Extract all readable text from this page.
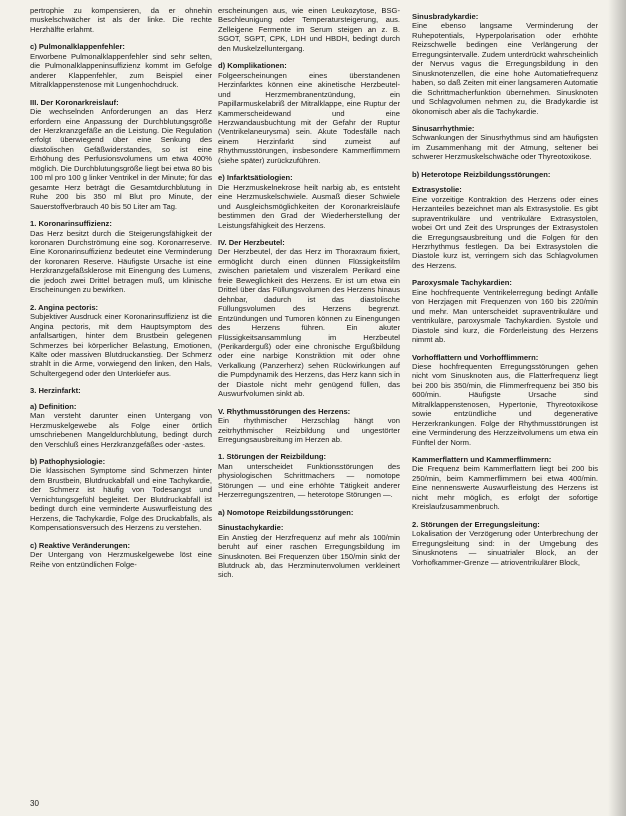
pertrophie zu kompensieren, da er ohnehin muskelschwächer ist als der linke. Die rechte Herzhälfte erlahmt.

c) Pulmonalklappenfehler:

Erworbene Pulmonalklappenfehler sind sehr selten, die Pulmonalklappeninsuffizienz kommt im Gefolge anderer Klappenfehler, zum Beispiel einer Mitralklappenstenose mit Lungenhochdruck.

III. Der Koronarkreislauf:

Die wechselnden Anforderungen an das Herz erfordern eine Anpassung der Durchblutungsgröße der Herzkranzgefäße an die Leistung. Die Regulation erfolgt überwiegend über eine Senkung des diastolischen Gefäßwiderstandes, so ist eine Erhöhung des Perfusionsvolumens um etwa 400% möglich. Die Durchblutungsgröße liegt bei etwa 80 bis 100 ml pro 100 g linker Ventrikel in der Minute; für das gesamte Herz beträgt die Gesamtdurchblutung in Ruhe 200 bis 350 ml Blut pro Minute, der Sauerstoffverbrauch 40 bis 50 Liter am Tag.

1. Koronarinsuffizienz:

Das Herz besitzt durch die Steigerungsfähigkeit der koronaren Durchströmung eine sog. Koronarreserve. Eine Koronarinsuffizienz bedeutet eine Verminderung der koronaren Reserve. Häufigste Ursache ist eine Herzkranzgefäßsklerose mit Einengung des Lumens, die jedoch zwei Drittel betragen muß, um klinische Erscheinungen zu bewirken.

2. Angina pectoris:

Subjektiver Ausdruck einer Koronarinsuffizienz ist die Angina pectoris, mit dem Hauptsymptom des anfallsartigen, hinter dem Brustbein gelegenen Schmerzes bei körperlicher Belastung, Emotionen, Kälte oder massiven Blutdruckanstieg. Der Schmerz strahlt in die Arme, vorwiegend den linken, den Hals, Schultergegend oder den Unterkiefer aus.

3. Herzinfarkt:
a) Definition:

Man versteht darunter einen Untergang von Herzmuskelgewebe als Folge einer örtlich umschriebenen Mangeldurchblutung, bedingt durch den Verschluß eines Herzkranzgefäßes oder -astes.

b) Pathophysiologie:

Die klassischen Symptome sind Schmerzen hinter dem Brustbein, Blutdruckabfall und eine Tachykardie, der Schmerz ist häufig von Todesangst und Vernichtungsgefühl begleitet. Der Blutdruckabfall ist bedingt durch eine verminderte Auswurfleistung des Herzens, die Tachykardie, Folge des Druckabfalls, als Kompensationsversuch des Herzens zu verstehen.

c) Reaktive Veränderungen:

Der Untergang von Herzmuskelgewebe löst eine Reihe von entzündlichen Folge-

erscheinungen aus, wie einen Leukozytose, BSG-Beschleunigung oder Temperatursteigerung, aus. Zelleigene Fermente im Serum steigen an z. B. SGOT, SGPT, CPK, LDH und HBDH, bedingt durch den Muskelzelluntergang.

d) Komplikationen:

Folgeerscheinungen eines überstandenen Herzinfarktes können eine akinetische Herzbeutel- und Herzmembranentzündung, ein Papillarmuskelabriß der Mitralklappe, eine Ruptur der Kammerscheidewand und eine Herzwandausbuchtung mit der Gefahr der Ruptur (Ventrikelaneurysma) sein. Akute Todesfälle nach einem Herzinfarkt sind zumeist auf Rhythmusstörungen, insbesondere Kammerflimmern (siehe später) zurückzuführen.

e) Infarktsätiologien:

Die Herzmuskelnekrose heilt narbig ab, es entsteht eine Herzmuskelschwiele. Ausmaß dieser Schwiele und Ausgleichsmöglichkeiten der Koronarkreisläufe bestimmen den Grad der Wiederherstellung der Leistungsfähigkeit des Herzens.

IV. Der Herzbeutel:

Der Herzbeutel, der das Herz im Thoraxraum fixiert, ermöglicht durch einen dünnen Flüssigkeitsfilm zwischen parietalem und viszeralem Perikard eine freie Beweglichkeit des Herzens. Er ist um etwa ein Drittel über das Füllungsvolumen des Herzens hinaus dehnbar, dadurch ist das diastolische Füllungsvolumen des Herzens begrenzt. Entzündungen und Tumoren können zu Einengungen des Herzens führen. Ein akuter Flüssigkeitsansammlung im Herzbeutel (Perikarderguß) oder eine chronische Ergußbildung oder eine narbige Konstriktion mit oder ohne Verkalkung (Panzerherz) sehen Rückwirkungen auf die Pumpdynamik des Herzens, das Herz kann sich in der Diastole nicht mehr genügend füllen, das Auswurfvolumen sinkt ab.

V. Rhythmusstörungen des Herzens:

Ein rhythmischer Herzschlag hängt von zeitrhythmischer Reizbildung und ungestörter Erregungsausbreitung im Herzen ab.

1. Störungen der Reizbildung:

Man unterscheidet Funktionsstörungen des physiologischen Schrittmachers — nomotope Störungen — und eine erhöhte Tätigkeit anderer Herzerregungszentren, — heterotope Störungen —.

a) Nomotope Reizbildungsstörungen:
Sinustachykardie:

Ein Anstieg der Herzfrequenz auf mehr als 100/min beruht auf einer raschen Erregungsbildung im Sinusknoten. Bei Frequenzen über 150/min sinkt der Blutdruck ab, das Herzminutenvolumen verkleinert sich.

Sinusbradykardie:

Eine ebenso langsame Verminderung der Ruhepotentials, Hyperpolarisation oder erhöhte Reizschwelle bedingen eine Verlängerung der Erregungsintervalle. Zudem unterdrückt wahrscheinlich der Nervus vagus die Erregungsbildung in den Sinusknotenzellen, die eine hohe Automatiefrequenz haben, so daß Zeiten mit einer langsameren Automatie die Schrittmacherfunktion übernehmen. Sinusknoten und Schlagvolumen nehmen zu, die Bradykardie ist ökonomisch aber als die Tachykardie.

Sinusarrhythmie:

Schwankungen der Sinusrhythmus sind am häufigsten im Zusammenhang mit der Atmung, seltener bei schwerer Herzmuskelschwäche oder Thyreotoxikose.

b) Heterotope Reizbildungsstörungen:
Extrasystolie:

Eine vorzeitige Kontraktion des Herzens oder eines Herzanteiles bezeichnet man als Extrasystolie. Es gibt supraventrikuläre und ventrikuläre Extrasystolen, wobei Ort und Zeit des Ursprunges der Extrasystolen die Erregungsausbreitung und die Folgen für den Herzrhythmus festlegen. Da bei Extrasystolen die Diastole kurz ist, verringern sich das Schlagvolumen des Herzens.

Paroxysmale Tachykardien:

Eine hochfrequente Ventrikelerregung bedingt Anfälle von Herzjagen mit Frequenzen von 160 bis 220/min und mehr. Man unterscheidet supraventrikuläre und ventrikuläre, paroxysmale Tachykardien. Systole und Diastole sind kurz, die Förderleistung des Herzens nimmt ab.

Vorhofflattern und Vorhofflimmern:

Diese hochfrequenten Erregungsstörungen gehen nicht vom Sinusknoten aus, die Flatterfrequenz liegt bei 200 bis 350/min, die Flimmerfrequenz bei 350 bis 600/min. Häufigste Ursache sind Mitralklappenstenosen, Hypertonie, Thyreotoxikose sowie entzündliche und degenerative Herzerkrankungen. Folge der Rhythmusstörungen ist eine Verminderung des Herzzeitvolumens um etwa ein Fünftel der Norm.

Kammerflattern und Kammerflimmern:

Die Frequenz beim Kammerflattern liegt bei 200 bis 250/min, beim Kammerflimmern bei etwa 400/min. Eine nennenswerte Auswurfleistung des Herzens ist nicht mehr möglich, es erfolgt der sofortige Kreislaufzusammenbruch.

2. Störungen der Erregungsleitung:

Lokalisation der Verzögerung oder Unterbrechung der Erregungsleitung sind: in der Umgebung des Sinusknotens — sinuatrialer Block, an der Vorhofkammer-Grenze — atrioventrikulärer Block,

30
